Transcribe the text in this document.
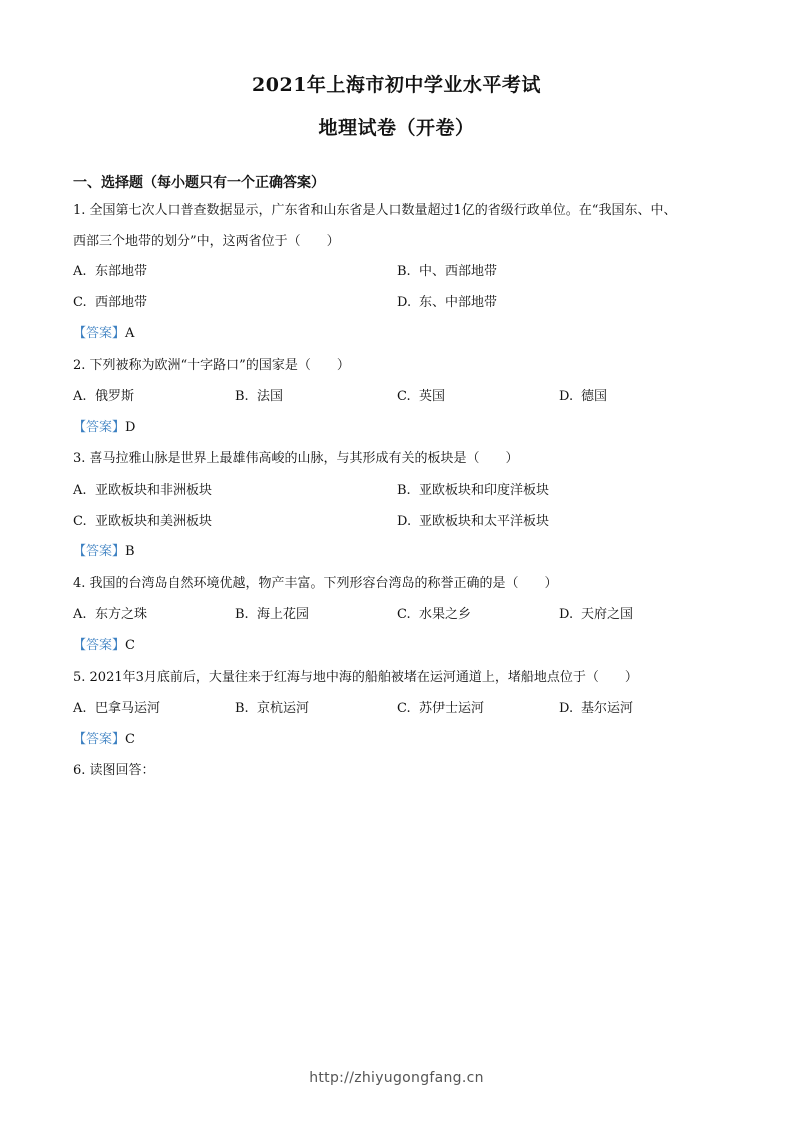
2021年上海市初中学业水平考试
地理试卷（开卷）
一、选择题（每小题只有一个正确答案）
1. 全国第七次人口普查数据显示，广东省和山东省是人口数量超过1亿的省级行政单位。在“我国东、中、
西部三个地带的划分”中，这两省位于（　　）
A. 东部地带	B. 中、西部地带
C. 西部地带	D. 东、中部地带
【答案】A
2. 下列被称为欧洲“十字路口”的国家是（　　）
A. 俄罗斯	B. 法国	C. 英国	D. 德国
【答案】D
3. 喜马拉雅山脉是世界上最雄伟高峻的山脉，与其形成有关的板块是（　　）
A. 亚欧板块和非洲板块	B. 亚欧板块和印度洋板块
C. 亚欧板块和美洲板块	D. 亚欧板块和太平洋板块
【答案】B
4. 我国的台湾岛自然环境优越，物产丰富。下列形容台湾岛的称誉正确的是（　　）
A. 东方之珠	B. 海上花园	C. 水果之乡	D. 天府之国
【答案】C
5. 2021年3月底前后，大量往来于红海与地中海的船舶被堵在运河通道上，堵船地点位于（　　）
A. 巴拿马运河	B. 京杭运河	C. 苏伊士运河	D. 基尔运河
【答案】C
6. 读图回答：
http://zhiyugongfang.cn
